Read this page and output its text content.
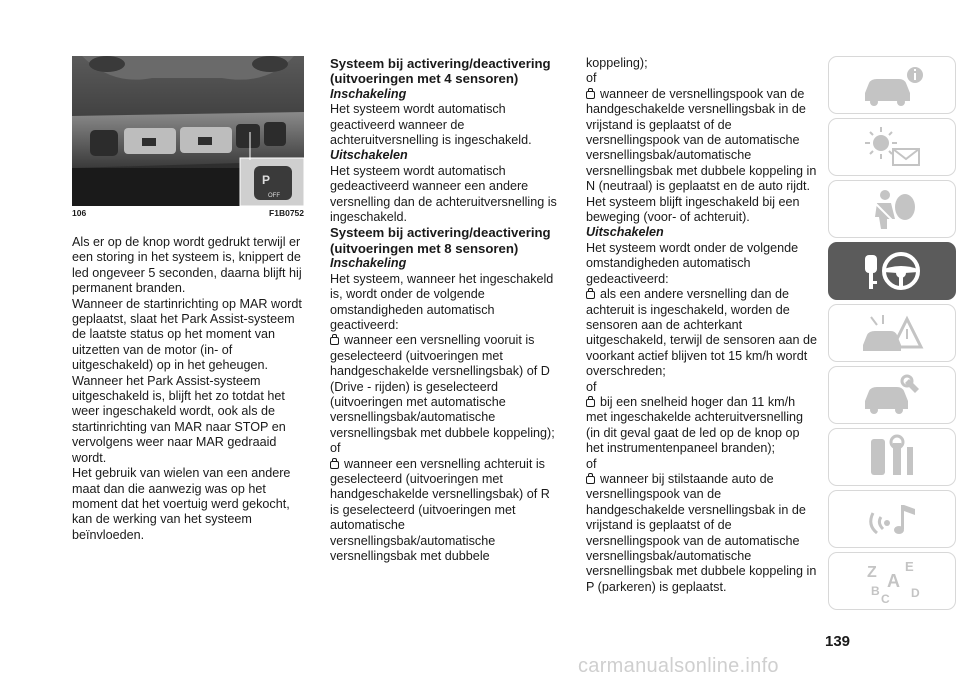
P
OFF
106	F1B0752

Als er op de knop wordt gedrukt terwijl er een storing in het systeem is, knippert de led ongeveer 5 seconden, daarna blijft hij permanent branden.

Wanneer de startinrichting op MAR wordt geplaatst, slaat het Park Assist-systeem de laatste status op het moment van uitzetten van de motor (in- of uitgeschakeld) op in het geheugen.

Wanneer het Park Assist-systeem uitgeschakeld is, blijft het zo totdat het weer ingeschakeld wordt, ook als de startinrichting van MAR naar STOP en vervolgens weer naar MAR gedraaid wordt.

Het gebruik van wielen van een andere maat dan die aanwezig was op het moment dat het voertuig werd gekocht, kan de werking van het systeem beïnvloeden.

Systeem bij activering/deactivering (uitvoeringen met 4 sensoren)

Inschakeling

Het systeem wordt automatisch geactiveerd wanneer de achteruitversnelling is ingeschakeld.

Uitschakelen

Het systeem wordt automatisch gedeactiveerd wanneer een andere versnelling dan de achteruitversnelling is ingeschakeld.

Systeem bij activering/deactivering (uitvoeringen met 8 sensoren)

Inschakeling

Het systeem, wanneer het ingeschakeld is, wordt onder de volgende omstandigheden automatisch geactiveerd:

wanneer een versnelling vooruit is geselecteerd (uitvoeringen met handgeschakelde versnellingsbak) of D (Drive - rijden) is geselecteerd (uitvoeringen met automatische versnellingsbak/automatische versnellingsbak met dubbele koppeling);

of

wanneer een versnelling achteruit is geselecteerd (uitvoeringen met handgeschakelde versnellingsbak) of R is geselecteerd (uitvoeringen met automatische versnellingsbak/automatische versnellingsbak met dubbele

koppeling);

of

wanneer de versnellingspook van de handgeschakelde versnellingsbak in de vrijstand is geplaatst of de versnellingspook van de automatische versnellingsbak/automatische versnellingsbak met dubbele koppeling in N (neutraal) is geplaatst en de auto rijdt. Het systeem blijft ingeschakeld bij een beweging (voor- of achteruit).

Uitschakelen

Het systeem wordt onder de volgende omstandigheden automatisch gedeactiveerd:

als een andere versnelling dan de achteruit is ingeschakeld, worden de sensoren aan de achterkant uitgeschakeld, terwijl de sensoren aan de voorkant actief blijven tot 15 km/h wordt overschreden;

of

bij een snelheid hoger dan 11 km/h met ingeschakelde achteruitversnelling (in dit geval gaat de led op de knop op het instrumentenpaneel branden);

of

wanneer bij stilstaande auto de versnellingspook van de handgeschakelde versnellingsbak in de vrijstand is geplaatst of de versnellingspook van de automatische versnellingsbak/automatische versnellingsbak met dubbele koppeling in P (parkeren) is geplaatst.

Z E
A
B	D
C
139
carmanualsonline.info
